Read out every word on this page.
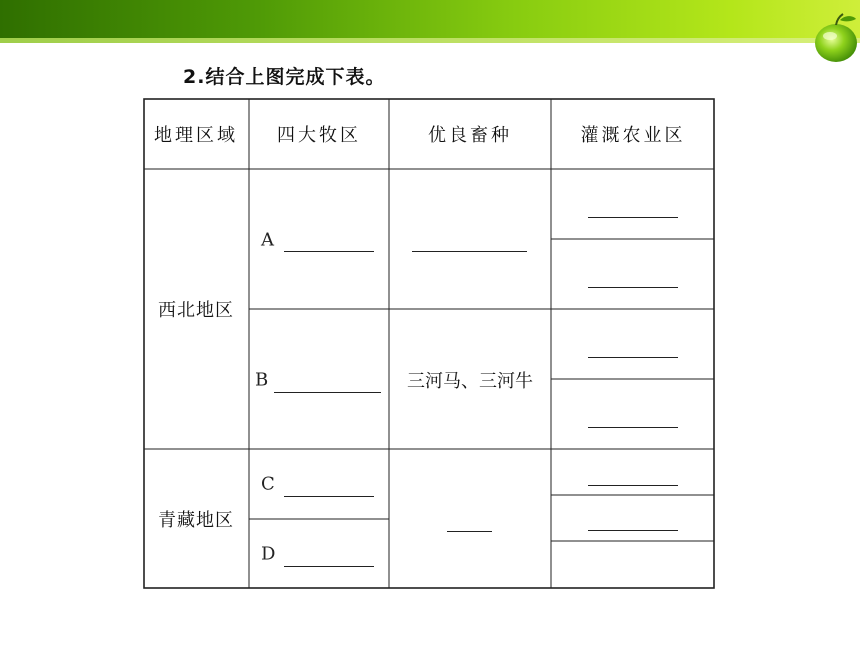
2.结合上图完成下表。
地理区域 四大牧区	优良畜种	灌溉农业区
西北地区
青藏地区
A
B
C
D
三河马、三河牛
